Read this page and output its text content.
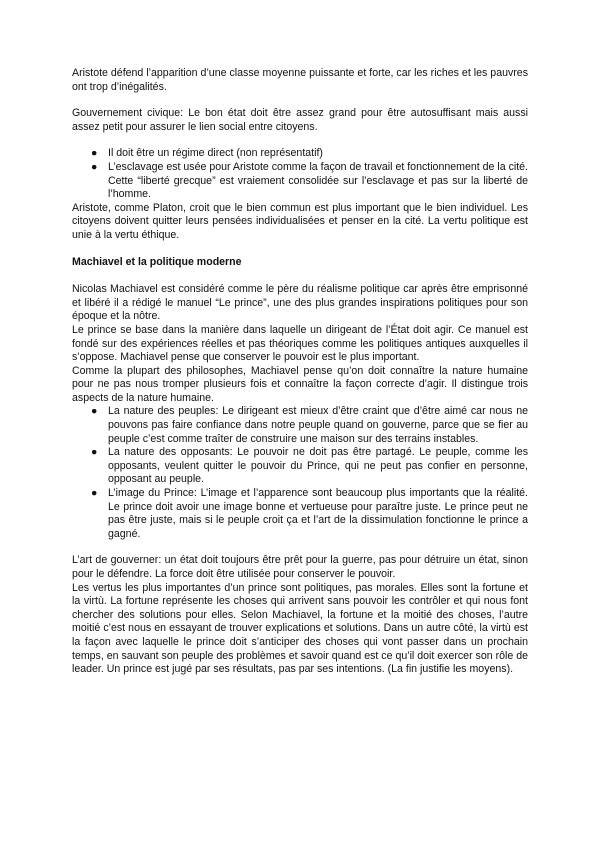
Aristote défend l’apparition d’une classe moyenne puissante et forte, car les riches et les pauvres ont trop d’inégalités.

Gouvernement civique: Le bon état doit être assez grand pour être autosuffisant mais aussi assez petit pour assurer le lien social entre citoyens.

● Il doit être un régime direct (non représentatif)
● L’esclavage est usée pour Aristote comme la façon de travail et fonctionnement de la cité. Cette “liberté grecque” est vraiement consolidée sur l’esclavage et pas sur la liberté de l’homme.

Aristote, comme Platon, croit que le bien commun est plus important que le bien individuel. Les citoyens doivent quitter leurs pensées individualisées et penser en la cité. La vertu politique est unie à la vertu éthique.

Machiavel et la politique moderne

Nicolas Machiavel est considéré comme le père du réalisme politique car après être emprisonné et libéré il a rédigé le manuel “Le prince”, une des plus grandes inspirations politiques pour son époque et la nôtre.

Le prince se base dans la manière dans laquelle un dirigeant de l’État doit agir. Ce manuel est fondé sur des expériences réelles et pas théoriques comme les politiques antiques auxquelles il s’oppose. Machiavel pense que conserver le pouvoir est le plus important.

Comme la plupart des philosophes, Machiavel pense qu’on doit connaître la nature humaine pour ne pas nous tromper plusieurs fois et connaître la façon correcte d’agir. Il distingue trois aspects de la nature humaine.

● La nature des peuples: Le dirigeant est mieux d’être craint que d’être aimé car nous ne pouvons pas faire confiance dans notre peuple quand on gouverne, parce que se fier au peuple c’est comme traîter de construire une maison sur des terrains instables.
● La nature des opposants: Le pouvoir ne doit pas être partagé. Le peuple, comme les opposants, veulent quitter le pouvoir du Prince, qui ne peut pas confier en personne, opposant au peuple.
● L’image du Prince: L’image et l’apparence sont beaucoup plus importants que la réalité. Le prince doit avoir une image bonne et vertueuse pour paraître juste. Le prince peut ne pas être juste, mais si le peuple croit ça et l’art de la dissimulation fonctionne le prince a gagné.

L’art de gouverner: un état doit toujours être prêt pour la guerre, pas pour détruire un état, sinon pour le défendre. La force doit être utilisée pour conserver le pouvoir.

Les vertus les plus importantes d’un prince sont politiques, pas morales. Elles sont la fortune et la virtù. La fortune représente les choses qui arrivent sans pouvoir les contrôler et qui nous font chercher des solutions pour elles. Selon Machiavel, la fortune et la moitié des choses, l’autre moitié c’est nous en essayant de trouver explications et solutions. Dans un autre côté, la virtù est la façon avec laquelle le prince doit s’anticiper des choses qui vont passer dans un prochain temps, en sauvant son peuple des problèmes et savoir quand est ce qu’il doit exercer son rôle de leader. Un prince est jugé par ses résultats, pas par ses intentions. (La fin justifie les moyens).
